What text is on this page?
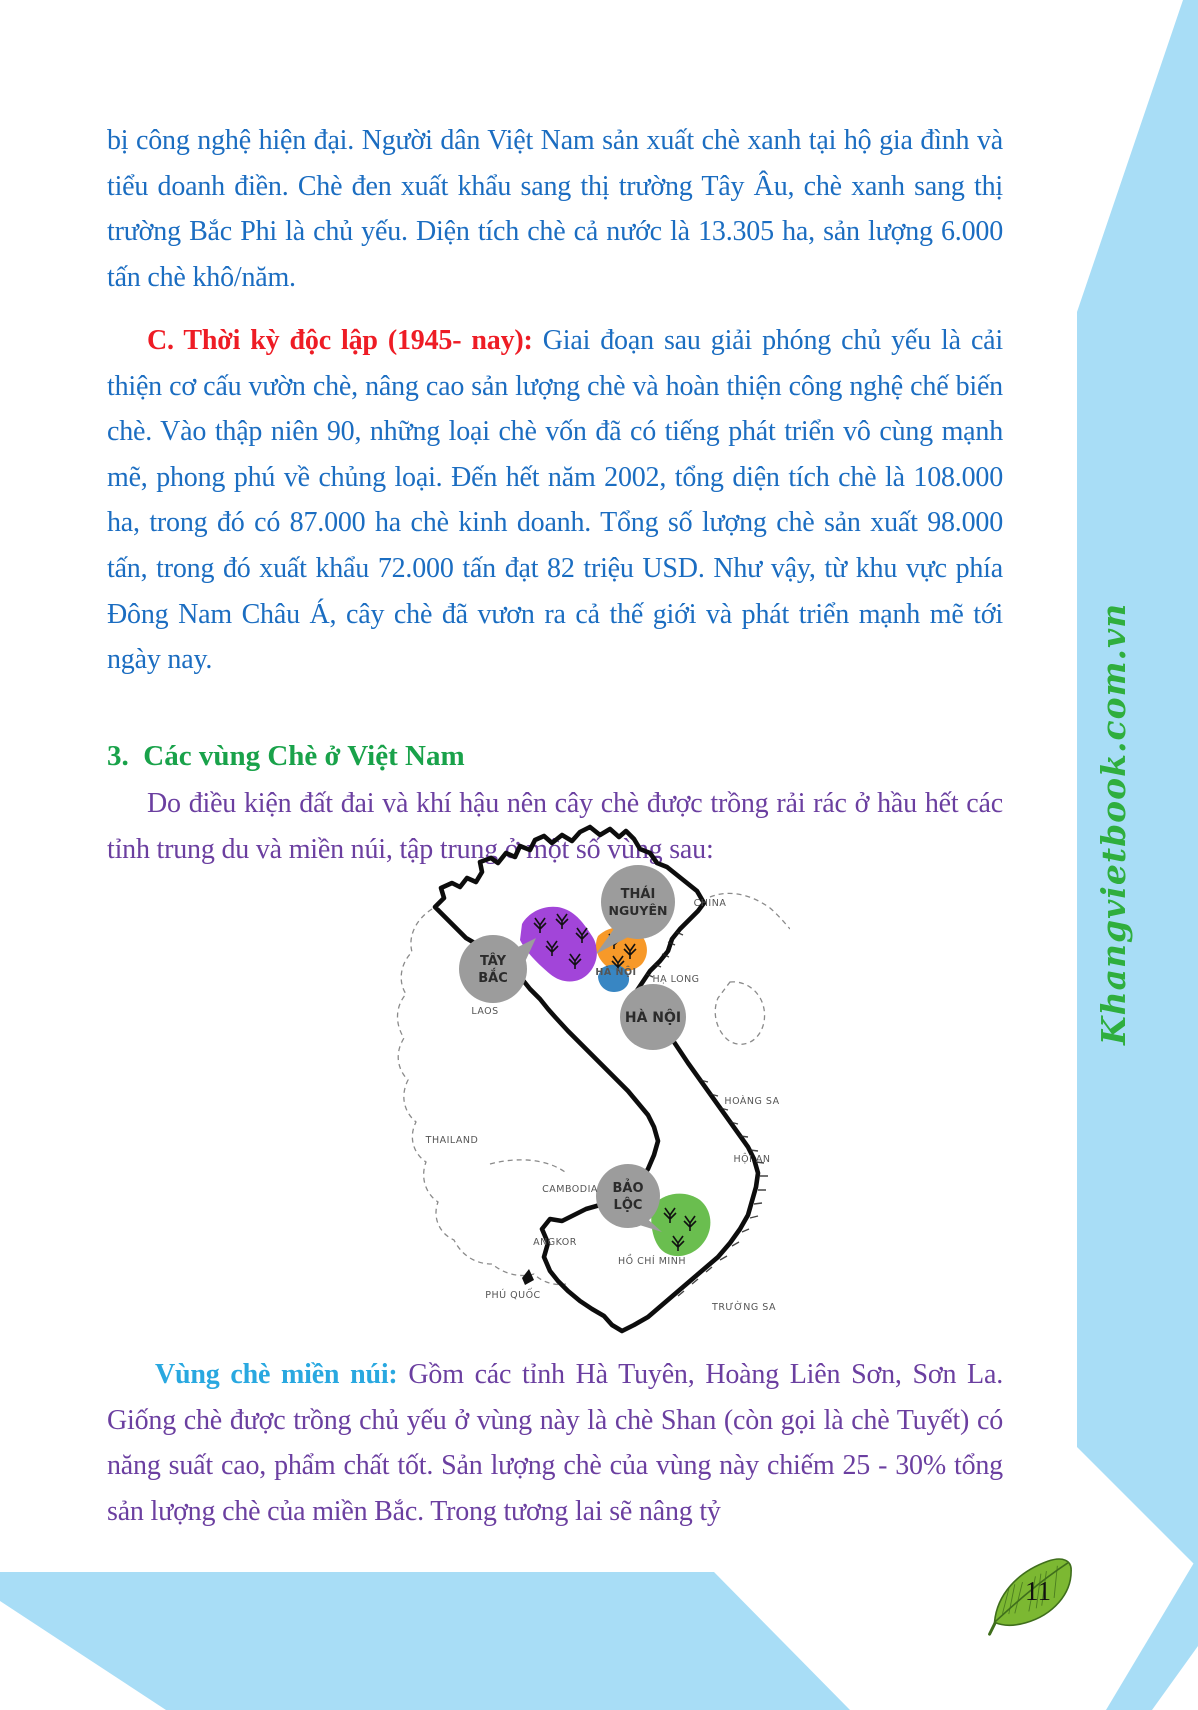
Khangvietbook.com.vn

bị công nghệ hiện đại. Người dân Việt Nam sản xuất chè xanh tại hộ gia đình và tiểu doanh điền. Chè đen xuất khẩu sang thị trường Tây Âu, chè xanh sang thị trường Bắc Phi là chủ yếu. Diện tích chè cả nước là 13.305 ha, sản lượng 6.000 tấn chè khô/năm.

C. Thời kỳ độc lập (1945- nay): Giai đoạn sau giải phóng chủ yếu là cải thiện cơ cấu vườn chè, nâng cao sản lượng chè và hoàn thiện công nghệ chế biến chè. Vào thập niên 90, những loại chè vốn đã có tiếng phát triển vô cùng mạnh mẽ, phong phú về chủng loại. Đến hết năm 2002, tổng diện tích chè là 108.000 ha, trong đó có 87.000 ha chè kinh doanh. Tổng số lượng chè sản xuất 98.000 tấn, trong đó xuất khẩu 72.000 tấn đạt 82 triệu USD. Như vậy, từ khu vực phía Đông Nam Châu Á, cây chè đã vươn ra cả thế giới và phát triển mạnh mẽ tới ngày nay.

3.  Các vùng Chè ở Việt Nam

Do điều kiện đất đai và khí hậu nên cây chè được trồng rải rác ở hầu hết các tỉnh trung du và miền núi, tập trung ở một số vùng sau:

Vùng chè miền núi: Gồm các tỉnh Hà Tuyên, Hoàng Liên Sơn, Sơn La. Giống chè được trồng chủ yếu ở vùng này là chè Shan (còn gọi là chè Tuyết) có năng suất cao, phẩm chất tốt. Sản lượng chè của vùng này chiếm 25 - 30% tổng sản lượng chè của miền Bắc. Trong tương lai sẽ nâng tỷ

TÂY
BẮC
THÁI
NGUYÊN
HÀ NỘI
BẢO
LỘC
CHINA
HẠ LONG
HÀ NỘI
LAOS
HOÀNG SA
THAILAND
HỘI AN
CAMBODIA
ANGKOR
HỒ CHÍ MINH
PHÚ QUỐC
TRƯỜNG SA
11
